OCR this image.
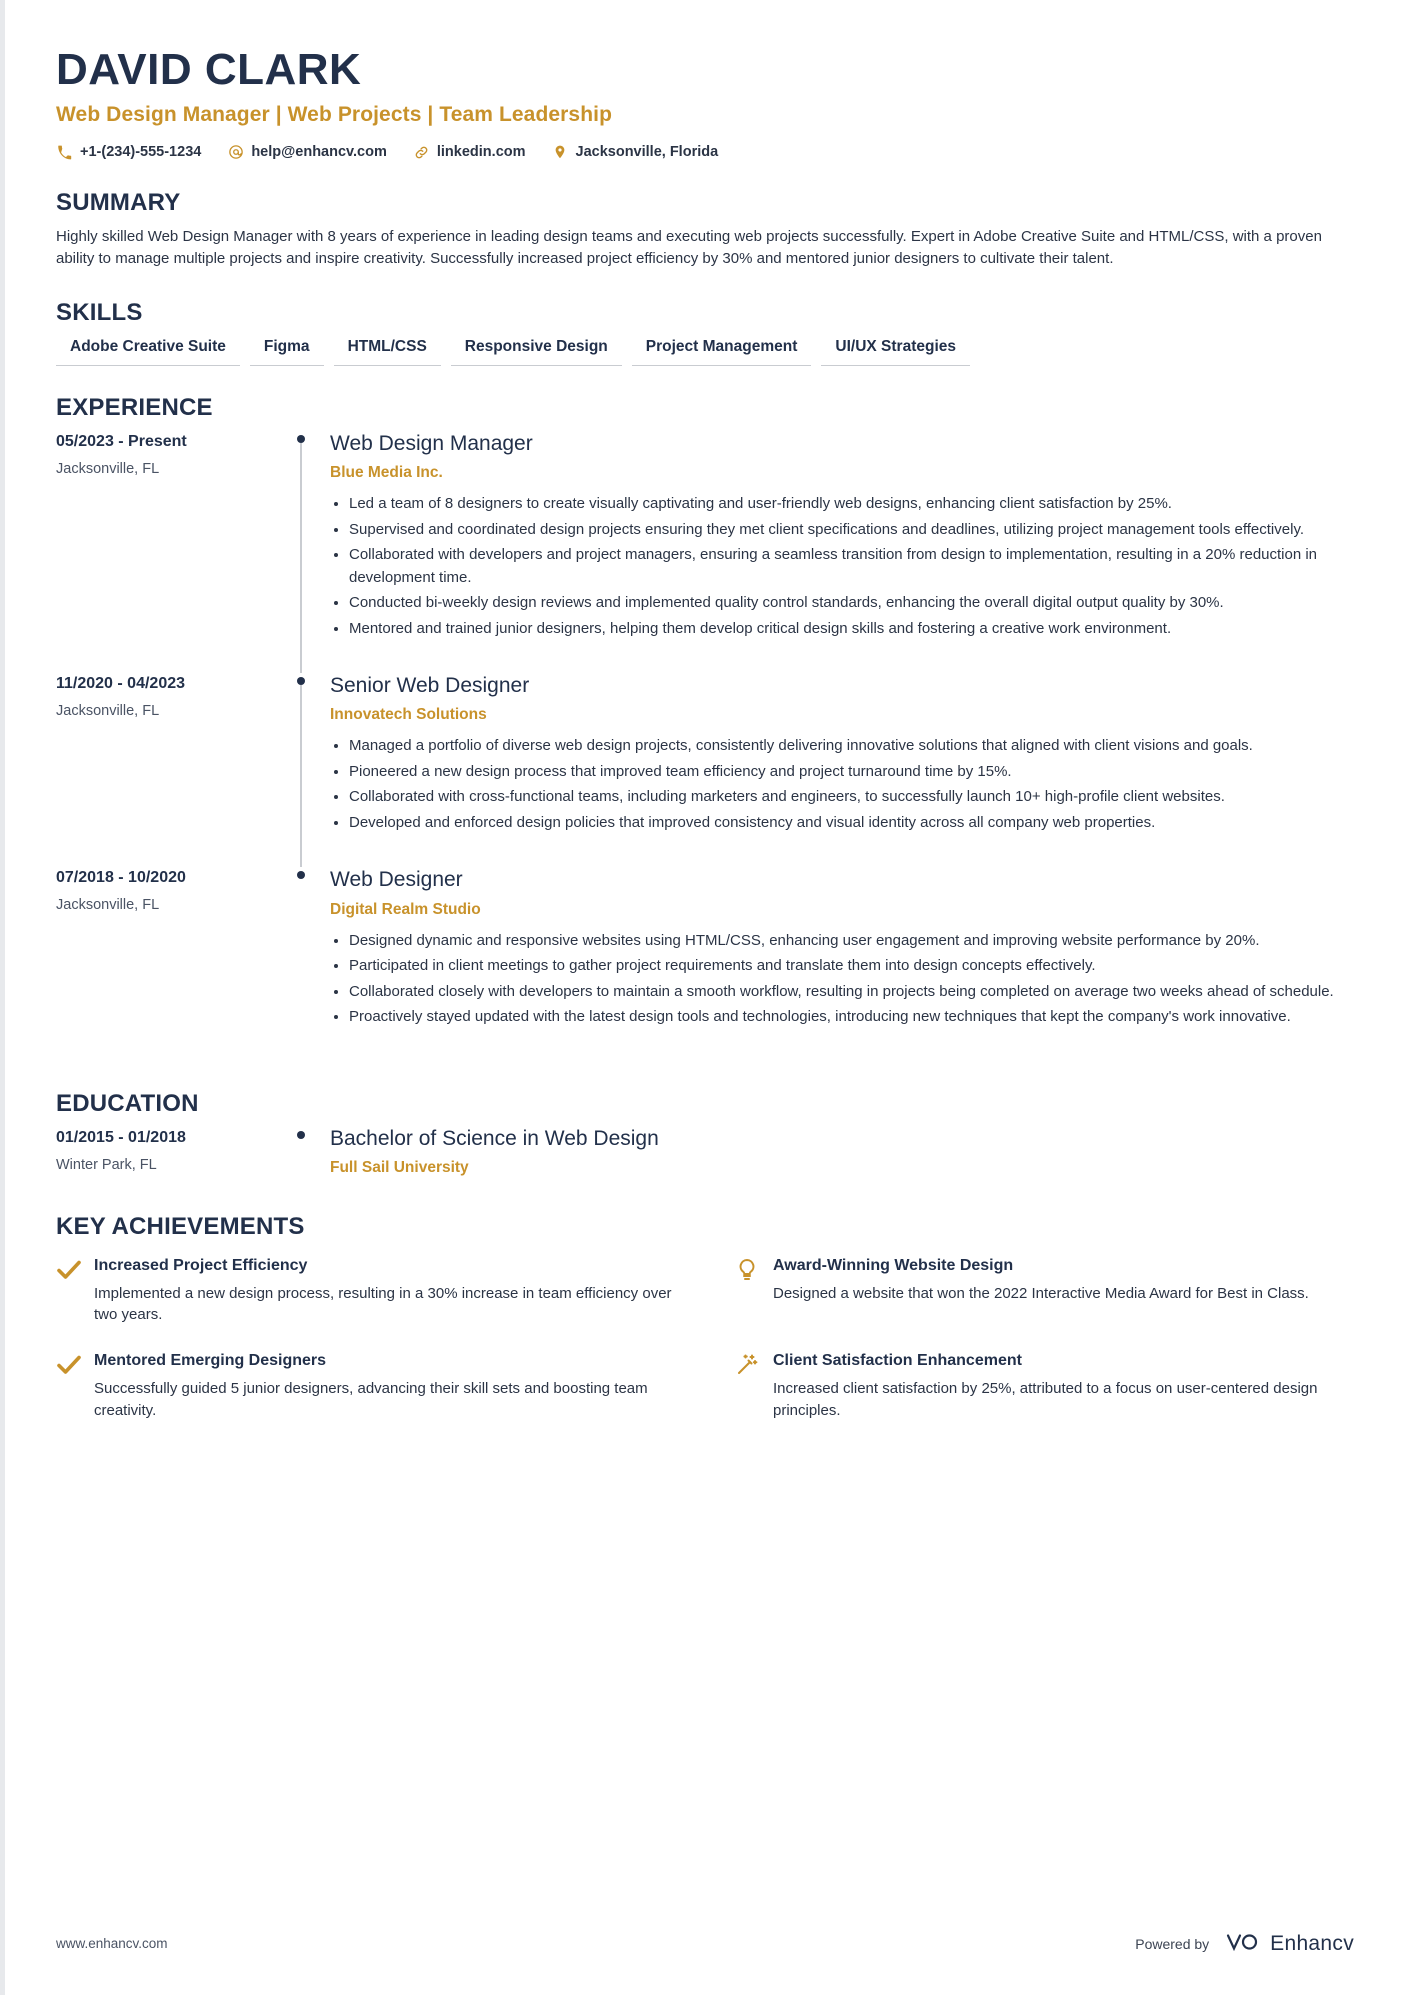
DAVID CLARK
Web Design Manager | Web Projects | Team Leadership
+1-(234)-555-1234	help@enhancv.com	linkedin.com	Jacksonville, Florida
SUMMARY
Highly skilled Web Design Manager with 8 years of experience in leading design teams and executing web projects successfully. Expert in Adobe Creative Suite and HTML/CSS, with a proven ability to manage multiple projects and inspire creativity. Successfully increased project efficiency by 30% and mentored junior designers to cultivate their talent.
SKILLS
Adobe Creative Suite	Figma	HTML/CSS	Responsive Design	Project Management	UI/UX Strategies
EXPERIENCE
05/2023 - Present
Jacksonville, FL
Web Design Manager
Blue Media Inc.
• Led a team of 8 designers to create visually captivating and user-friendly web designs, enhancing client satisfaction by 25%.
• Supervised and coordinated design projects ensuring they met client specifications and deadlines, utilizing project management tools effectively.
• Collaborated with developers and project managers, ensuring a seamless transition from design to implementation, resulting in a 20% reduction in development time.
• Conducted bi-weekly design reviews and implemented quality control standards, enhancing the overall digital output quality by 30%.
• Mentored and trained junior designers, helping them develop critical design skills and fostering a creative work environment.
11/2020 - 04/2023
Jacksonville, FL
Senior Web Designer
Innovatech Solutions
• Managed a portfolio of diverse web design projects, consistently delivering innovative solutions that aligned with client visions and goals.
• Pioneered a new design process that improved team efficiency and project turnaround time by 15%.
• Collaborated with cross-functional teams, including marketers and engineers, to successfully launch 10+ high-profile client websites.
• Developed and enforced design policies that improved consistency and visual identity across all company web properties.
07/2018 - 10/2020
Jacksonville, FL
Web Designer
Digital Realm Studio
• Designed dynamic and responsive websites using HTML/CSS, enhancing user engagement and improving website performance by 20%.
• Participated in client meetings to gather project requirements and translate them into design concepts effectively.
• Collaborated closely with developers to maintain a smooth workflow, resulting in projects being completed on average two weeks ahead of schedule.
• Proactively stayed updated with the latest design tools and technologies, introducing new techniques that kept the company's work innovative.
EDUCATION
01/2015 - 01/2018
Winter Park, FL
Bachelor of Science in Web Design
Full Sail University
KEY ACHIEVEMENTS
Increased Project Efficiency
Implemented a new design process, resulting in a 30% increase in team efficiency over two years.
Award-Winning Website Design
Designed a website that won the 2022 Interactive Media Award for Best in Class.
Mentored Emerging Designers
Successfully guided 5 junior designers, advancing their skill sets and boosting team creativity.
Client Satisfaction Enhancement
Increased client satisfaction by 25%, attributed to a focus on user-centered design principles.
www.enhancv.com	Powered by	Enhancv
